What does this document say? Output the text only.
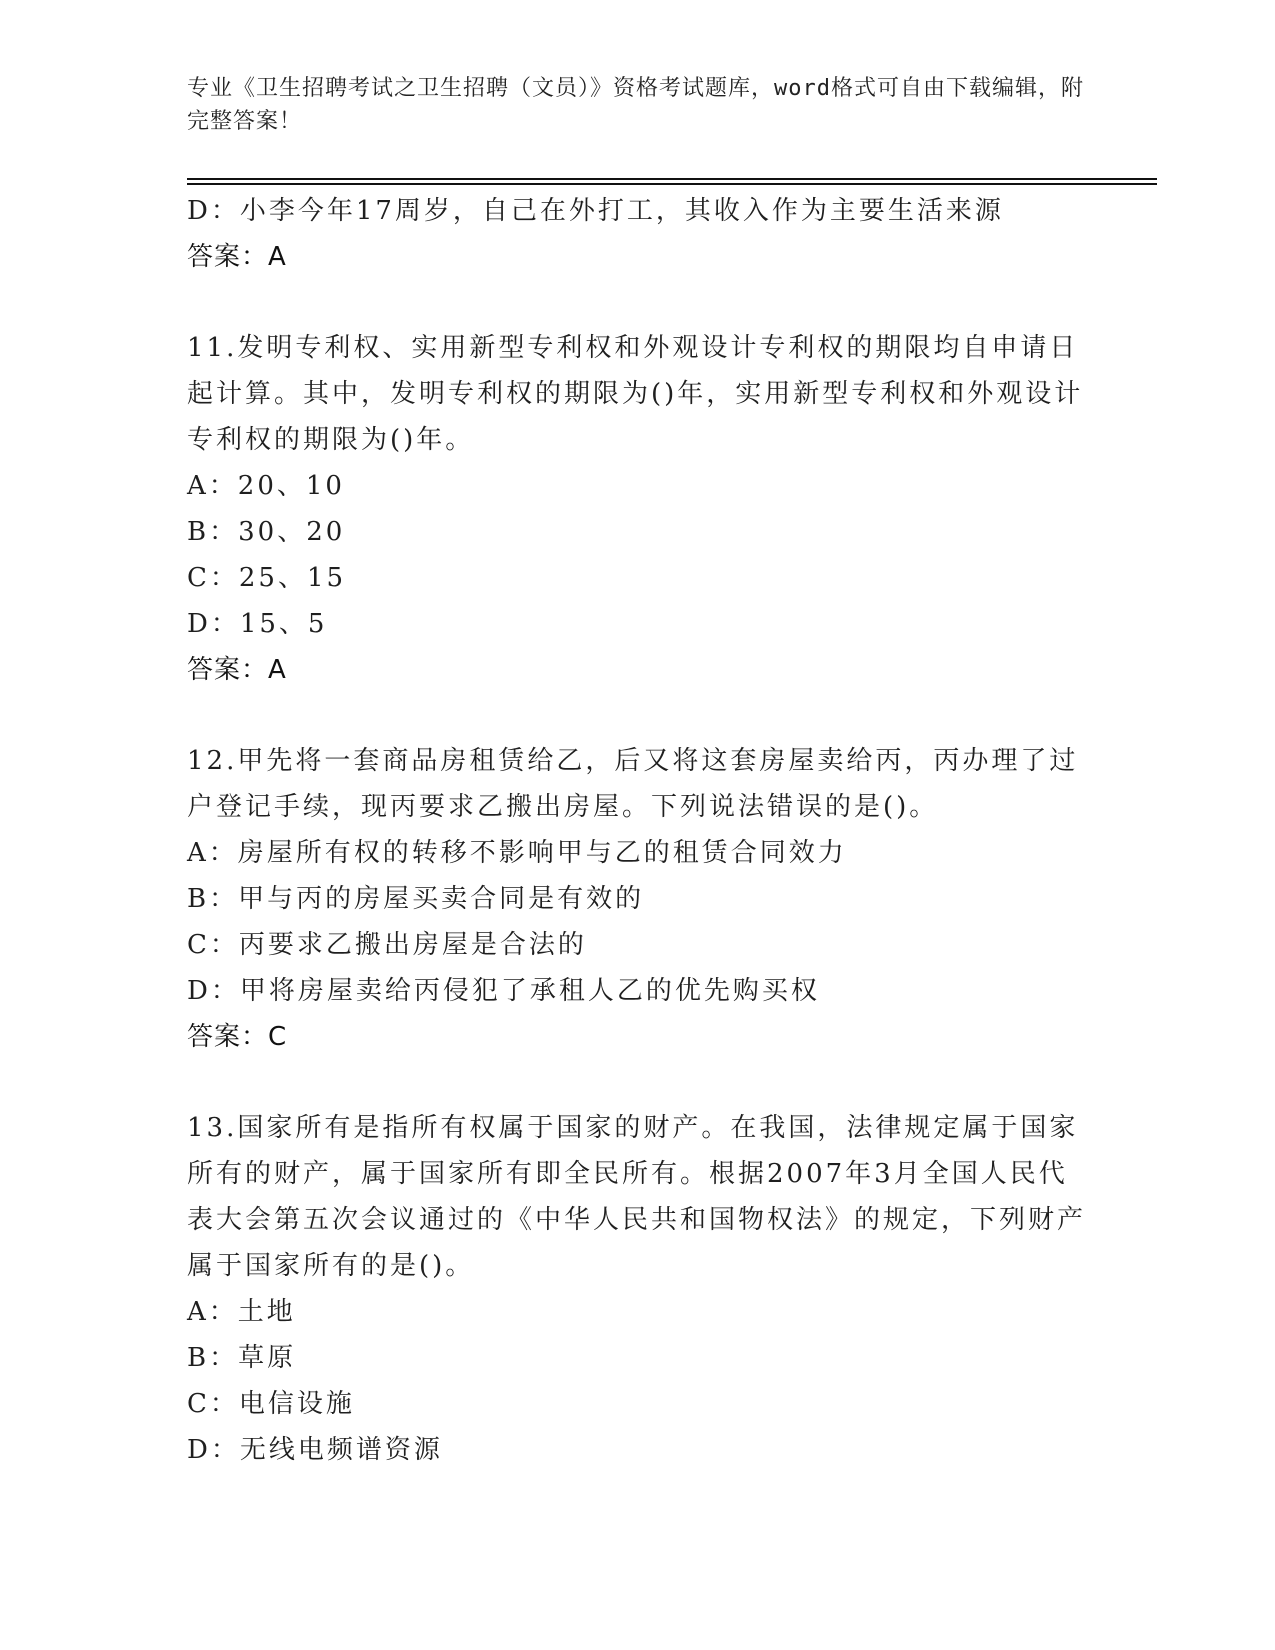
专业《卫生招聘考试之卫生招聘（文员）》资格考试题库，word格式可自由下载编辑，附完整答案！
D：小李今年17周岁，自己在外打工，其收入作为主要生活来源
答案：A
11.发明专利权、实用新型专利权和外观设计专利权的期限均自申请日起计算。其中，发明专利权的期限为()年，实用新型专利权和外观设计专利权的期限为()年。
A：20、10
B：30、20
C：25、15
D：15、5
答案：A
12.甲先将一套商品房租赁给乙，后又将这套房屋卖给丙，丙办理了过户登记手续，现丙要求乙搬出房屋。下列说法错误的是()。
A：房屋所有权的转移不影响甲与乙的租赁合同效力
B：甲与丙的房屋买卖合同是有效的
C：丙要求乙搬出房屋是合法的
D：甲将房屋卖给丙侵犯了承租人乙的优先购买权
答案：C
13.国家所有是指所有权属于国家的财产。在我国，法律规定属于国家所有的财产，属于国家所有即全民所有。根据2007年3月全国人民代表大会第五次会议通过的《中华人民共和国物权法》的规定，下列财产属于国家所有的是()。
A：土地
B：草原
C：电信设施
D：无线电频谱资源
